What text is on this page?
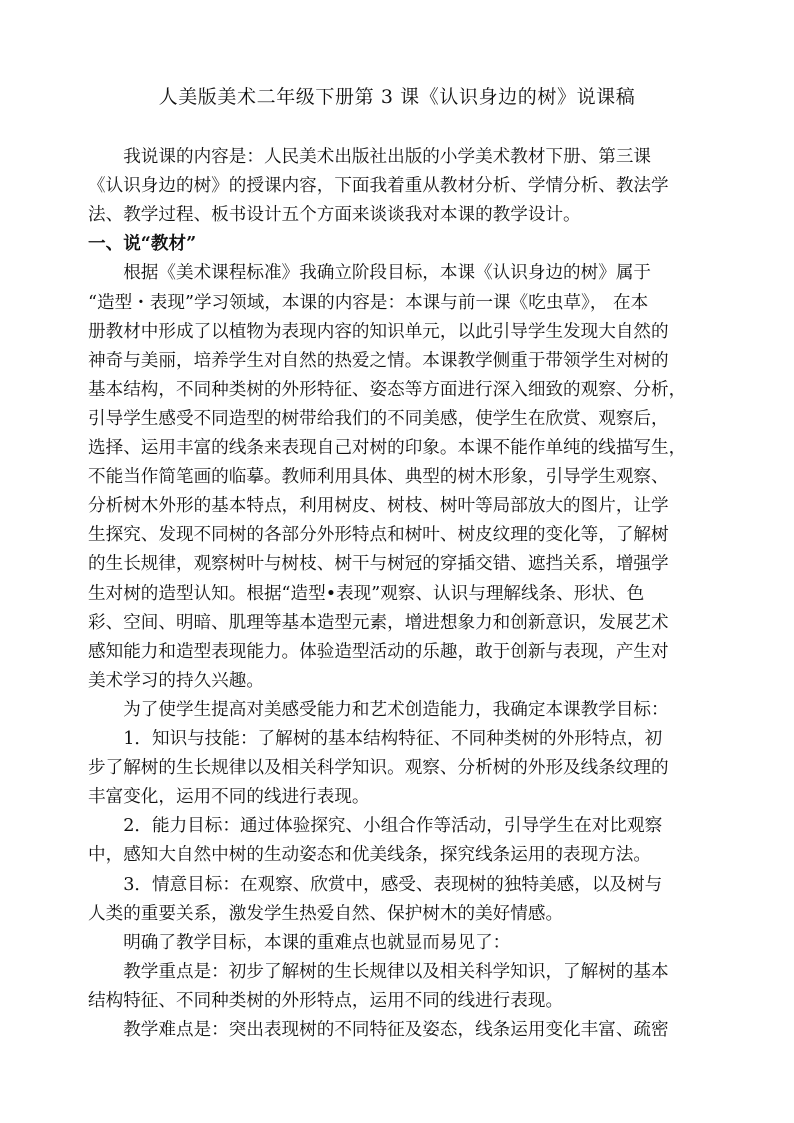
人美版美术二年级下册第 3 课《认识身边的树》说课稿
　　我说课的内容是：人民美术出版社出版的小学美术教材下册、第三课
《认识身边的树》的授课内容，下面我着重从教材分析、学情分析、教法学
法、教学过程、板书设计五个方面来谈谈我对本课的教学设计。
一、说“教材”
　　根据《美术课程标准》我确立阶段目标，本课《认识身边的树》属于
“造型・表现”学习领域，本课的内容是：本课与前一课《吃虫草》， 在本
册教材中形成了以植物为表现内容的知识单元，以此引导学生发现大自然的
神奇与美丽，培养学生对自然的热爱之情。本课教学侧重于带领学生对树的
基本结构，不同种类树的外形特征、姿态等方面进行深入细致的观察、分析，
引导学生感受不同造型的树带给我们的不同美感，使学生在欣赏、观察后，
选择、运用丰富的线条来表现自己对树的印象。本课不能作单纯的线描写生，
不能当作简笔画的临摹。教师利用具体、典型的树木形象，引导学生观察、
分析树木外形的基本特点，利用树皮、树枝、树叶等局部放大的图片，让学
生探究、发现不同树的各部分外形特点和树叶、树皮纹理的变化等，了解树
的生长规律，观察树叶与树枝、树干与树冠的穿插交错、遮挡关系，增强学
生对树的造型认知。根据“造型•表现”观察、认识与理解线条、形状、色
彩、空间、明暗、肌理等基本造型元素，增进想象力和创新意识，发展艺术
感知能力和造型表现能力。体验造型活动的乐趣，敢于创新与表现，产生对
美术学习的持久兴趣。
　　为了使学生提高对美感受能力和艺术创造能力，我确定本课教学目标：
　　1．知识与技能：了解树的基本结构特征、不同种类树的外形特点，初
步了解树的生长规律以及相关科学知识。观察、分析树的外形及线条纹理的
丰富变化，运用不同的线进行表现。
　　2．能力目标：通过体验探究、小组合作等活动，引导学生在对比观察
中，感知大自然中树的生动姿态和优美线条，探究线条运用的表现方法。
　　3．情意目标：在观察、欣赏中，感受、表现树的独特美感，以及树与
人类的重要关系，激发学生热爱自然、保护树木的美好情感。
　　明确了教学目标，本课的重难点也就显而易见了：
　　教学重点是：初步了解树的生长规律以及相关科学知识，了解树的基本
结构特征、不同种类树的外形特点，运用不同的线进行表现。
　　教学难点是：突出表现树的不同特征及姿态，线条运用变化丰富、疏密
